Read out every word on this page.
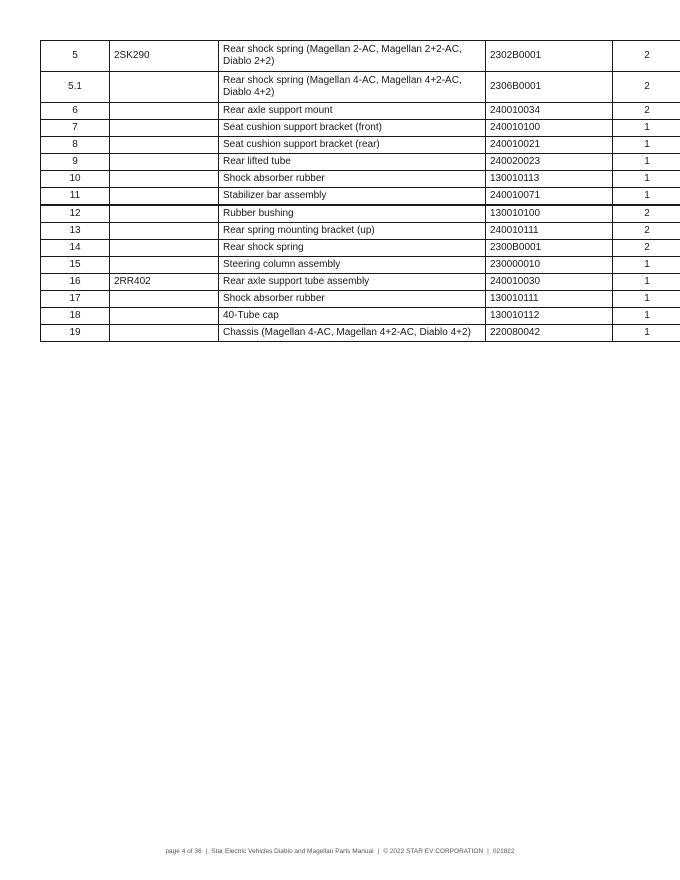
5	2SK290	Rear shock spring (Magellan 2-AC, Magellan 2+2-AC, Diablo 2+2)	2302B0001	2
5.1		Rear shock spring (Magellan 4-AC, Magellan 4+2-AC, Diablo 4+2)	2306B0001	2
6		Rear axle support mount	240010034	2
7		Seat cushion support bracket (front)	240010100	1
8		Seat cushion support bracket (rear)	240010021	1
9		Rear lifted tube	240020023	1
10		Shock absorber rubber	130010113	1
11		Stabilizer bar assembly	240010071	1
12		Rubber bushing	130010100	2
13		Rear spring mounting bracket (up)	240010111	2
14		Rear shock spring	2300B0001	2
15		Steering column assembly	230000010	1
16	2RR402	Rear axle support tube assembly	240010030	1
17		Shock absorber rubber	130010111	1
18		40-Tube cap	130010112	1
19		Chassis (Magellan 4-AC, Magellan 4+2-AC, Diablo 4+2)	220080042	1
page 4 of 36 | Star Electric Vehicles Diablo and Magellan Parts Manual | © 2022 STAR EV CORPORATION | 021822
